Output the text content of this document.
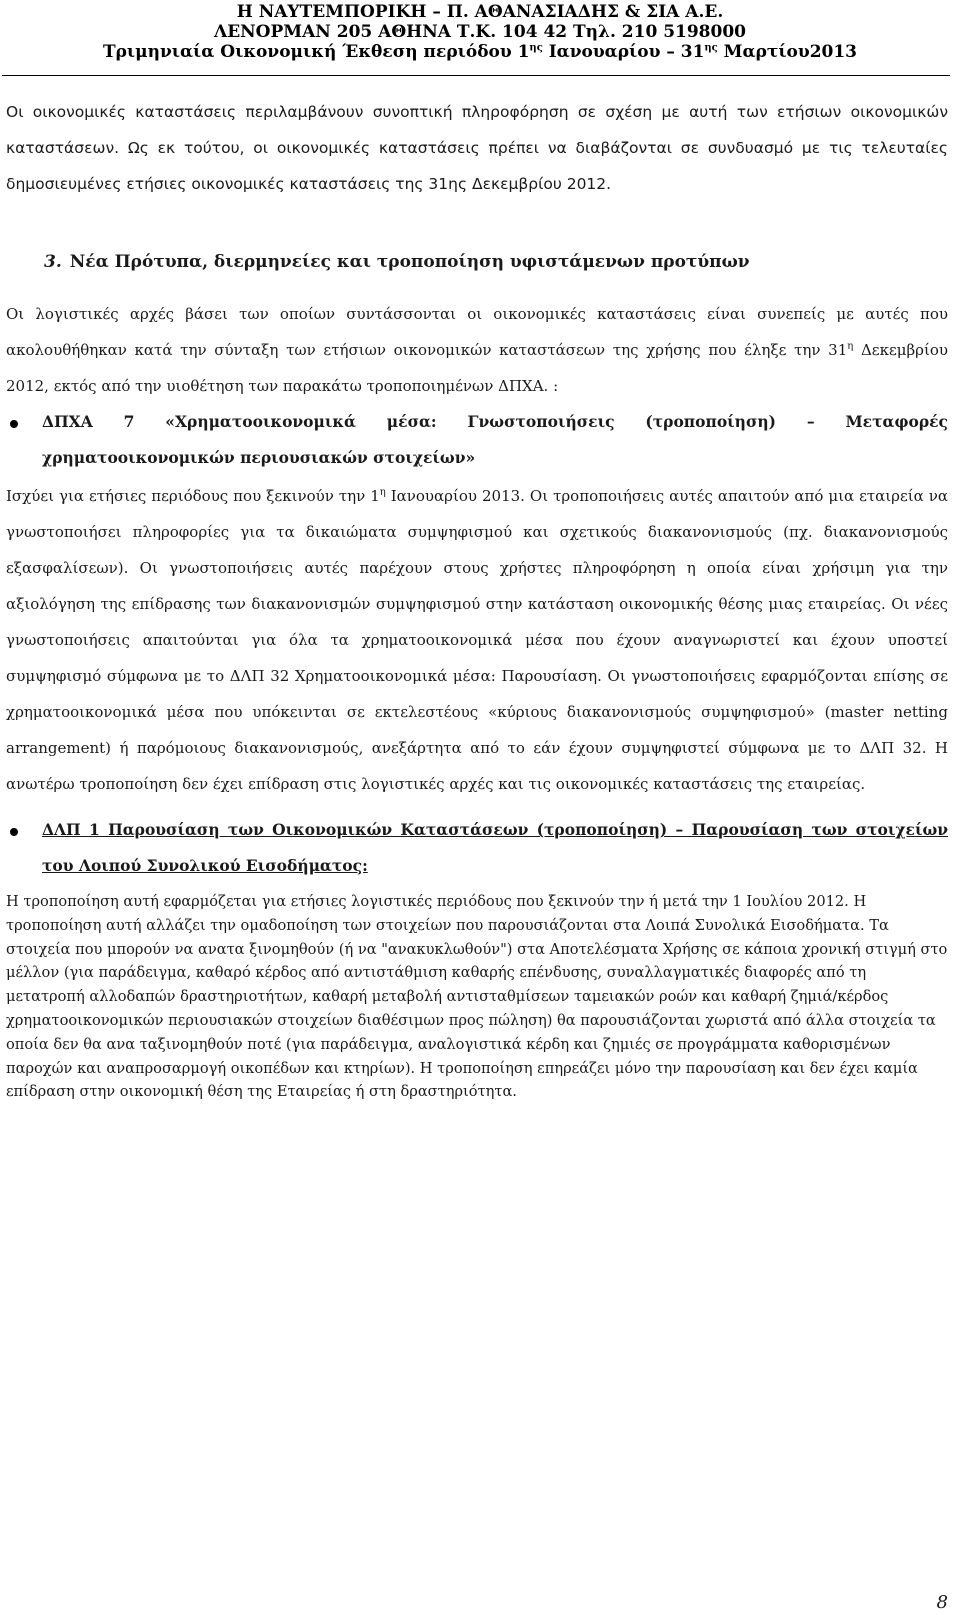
Η ΝΑΥΤΕΜΠΟΡΙΚΗ – Π. ΑΘΑΝΑΣΙΑΔΗΣ & ΣΙΑ Α.Ε.
ΛΕΝΟΡΜΑΝ 205 ΑΘΗΝΑ Τ.Κ. 104 42 Τηλ. 210 5198000
Τριμηνιαία Οικονομική Έκθεση περιόδου $1^{\eta\varsigma}$ Ιανουαρίου – $31^{\eta\varsigma}$ Μαρτίου2013

Οι οικονομικές καταστάσεις περιλαμβάνουν συνοπτική πληροφόρηση σε σχέση με αυτή των ετήσιων οικονομικών καταστάσεων. Ως εκ τούτου, οι οικονομικές καταστάσεις πρέπει να διαβάζονται σε συνδυασμό με τις τελευταίες δημοσιευμένες ετήσιες οικονομικές καταστάσεις της 31ης Δεκεμβρίου 2012.

3. Νέα Πρότυπα, διερμηνείες και τροποποίηση υφιστάμενων προτύπων

Οι λογιστικές αρχές βάσει των οποίων συντάσσονται οι οικονομικές καταστάσεις είναι συνεπείς με αυτές που ακολουθήθηκαν κατά την σύνταξη των ετήσιων οικονομικών καταστάσεων της χρήσης που έληξε την $31^\eta$ Δεκεμβρίου 2012, εκτός από την υιοθέτηση των παρακάτω τροποποιημένων ΔΠΧΑ. :

ΔΠΧΑ 7 «Χρηματοοικονομικά μέσα: Γνωστοποιήσεις (τροποποίηση) – Μεταφορές χρηματοοικονομικών περιουσιακών στοιχείων»

Ισχύει για ετήσιες περιόδους που ξεκινούν την $1^\eta$ Ιανουαρίου 2013. Οι τροποποιήσεις αυτές απαιτούν από μια εταιρεία να γνωστοποιήσει πληροφορίες για τα δικαιώματα συμψηφισμού και σχετικούς διακανονισμούς (πχ. διακανονισμούς εξασφαλίσεων). Οι γνωστοποιήσεις αυτές παρέχουν στους χρήστες πληροφόρηση η οποία είναι χρήσιμη για την αξιολόγηση της επίδρασης των διακανονισμών συμψηφισμού στην κατάσταση οικονομικής θέσης μιας εταιρείας. Οι νέες γνωστοποιήσεις απαιτούνται για όλα τα χρηματοοικονομικά μέσα που έχουν αναγνωριστεί και έχουν υποστεί συμψηφισμό σύμφωνα με το ΔΛΠ 32 Χρηματοοικονομικά μέσα: Παρουσίαση. Οι γνωστοποιήσεις εφαρμόζονται επίσης σε χρηματοοικονομικά μέσα που υπόκεινται σε εκτελεστέους «κύριους διακανονισμούς συμψηφισμού» (master netting arrangement) ή παρόμοιους διακανονισμούς, ανεξάρτητα από το εάν έχουν συμψηφιστεί σύμφωνα με το ΔΛΠ 32. Η ανωτέρω τροποποίηση δεν έχει επίδραση στις λογιστικές αρχές και τις οικονομικές καταστάσεις της εταιρείας.

ΔΛΠ 1 Παρουσίαση των Οικονομικών Καταστάσεων (τροποποίηση) – Παρουσίαση των στοιχείων του Λοιπού Συνολικού Εισοδήματος:

Η τροποποίηση αυτή εφαρμόζεται για ετήσιες λογιστικές περιόδους που ξεκινούν την ή μετά την 1 Ιουλίου 2012. Η τροποποίηση αυτή αλλάζει την ομαδοποίηση των στοιχείων που παρουσιάζονται στα Λοιπά Συνολικά Εισοδήματα. Τα στοιχεία που μπορούν να ανατα ξινομηθούν (ή να "ανακυκλωθούν") στα Αποτελέσματα Χρήσης σε κάποια χρονική στιγμή στο μέλλον (για παράδειγμα, καθαρό κέρδος από αντιστάθμιση καθαρής επένδυσης, συναλλαγματικές διαφορές από τη μετατροπή αλλοδαπών δραστηριοτήτων, καθαρή μεταβολή αντισταθμίσεων ταμειακών ροών και καθαρή ζημιά/κέρδος χρηματοοικονομικών περιουσιακών στοιχείων διαθέσιμων προς πώληση) θα παρουσιάζονται χωριστά από άλλα στοιχεία τα οποία δεν θα ανα ταξινομηθούν ποτέ (για παράδειγμα, αναλογιστικά κέρδη και ζημιές σε προγράμματα καθορισμένων παροχών και αναπροσαρμογή οικοπέδων και κτηρίων). Η τροποποίηση επηρεάζει μόνο την παρουσίαση και δεν έχει καμία επίδραση στην οικονομική θέση της Εταιρείας ή στη δραστηριότητα.

8
